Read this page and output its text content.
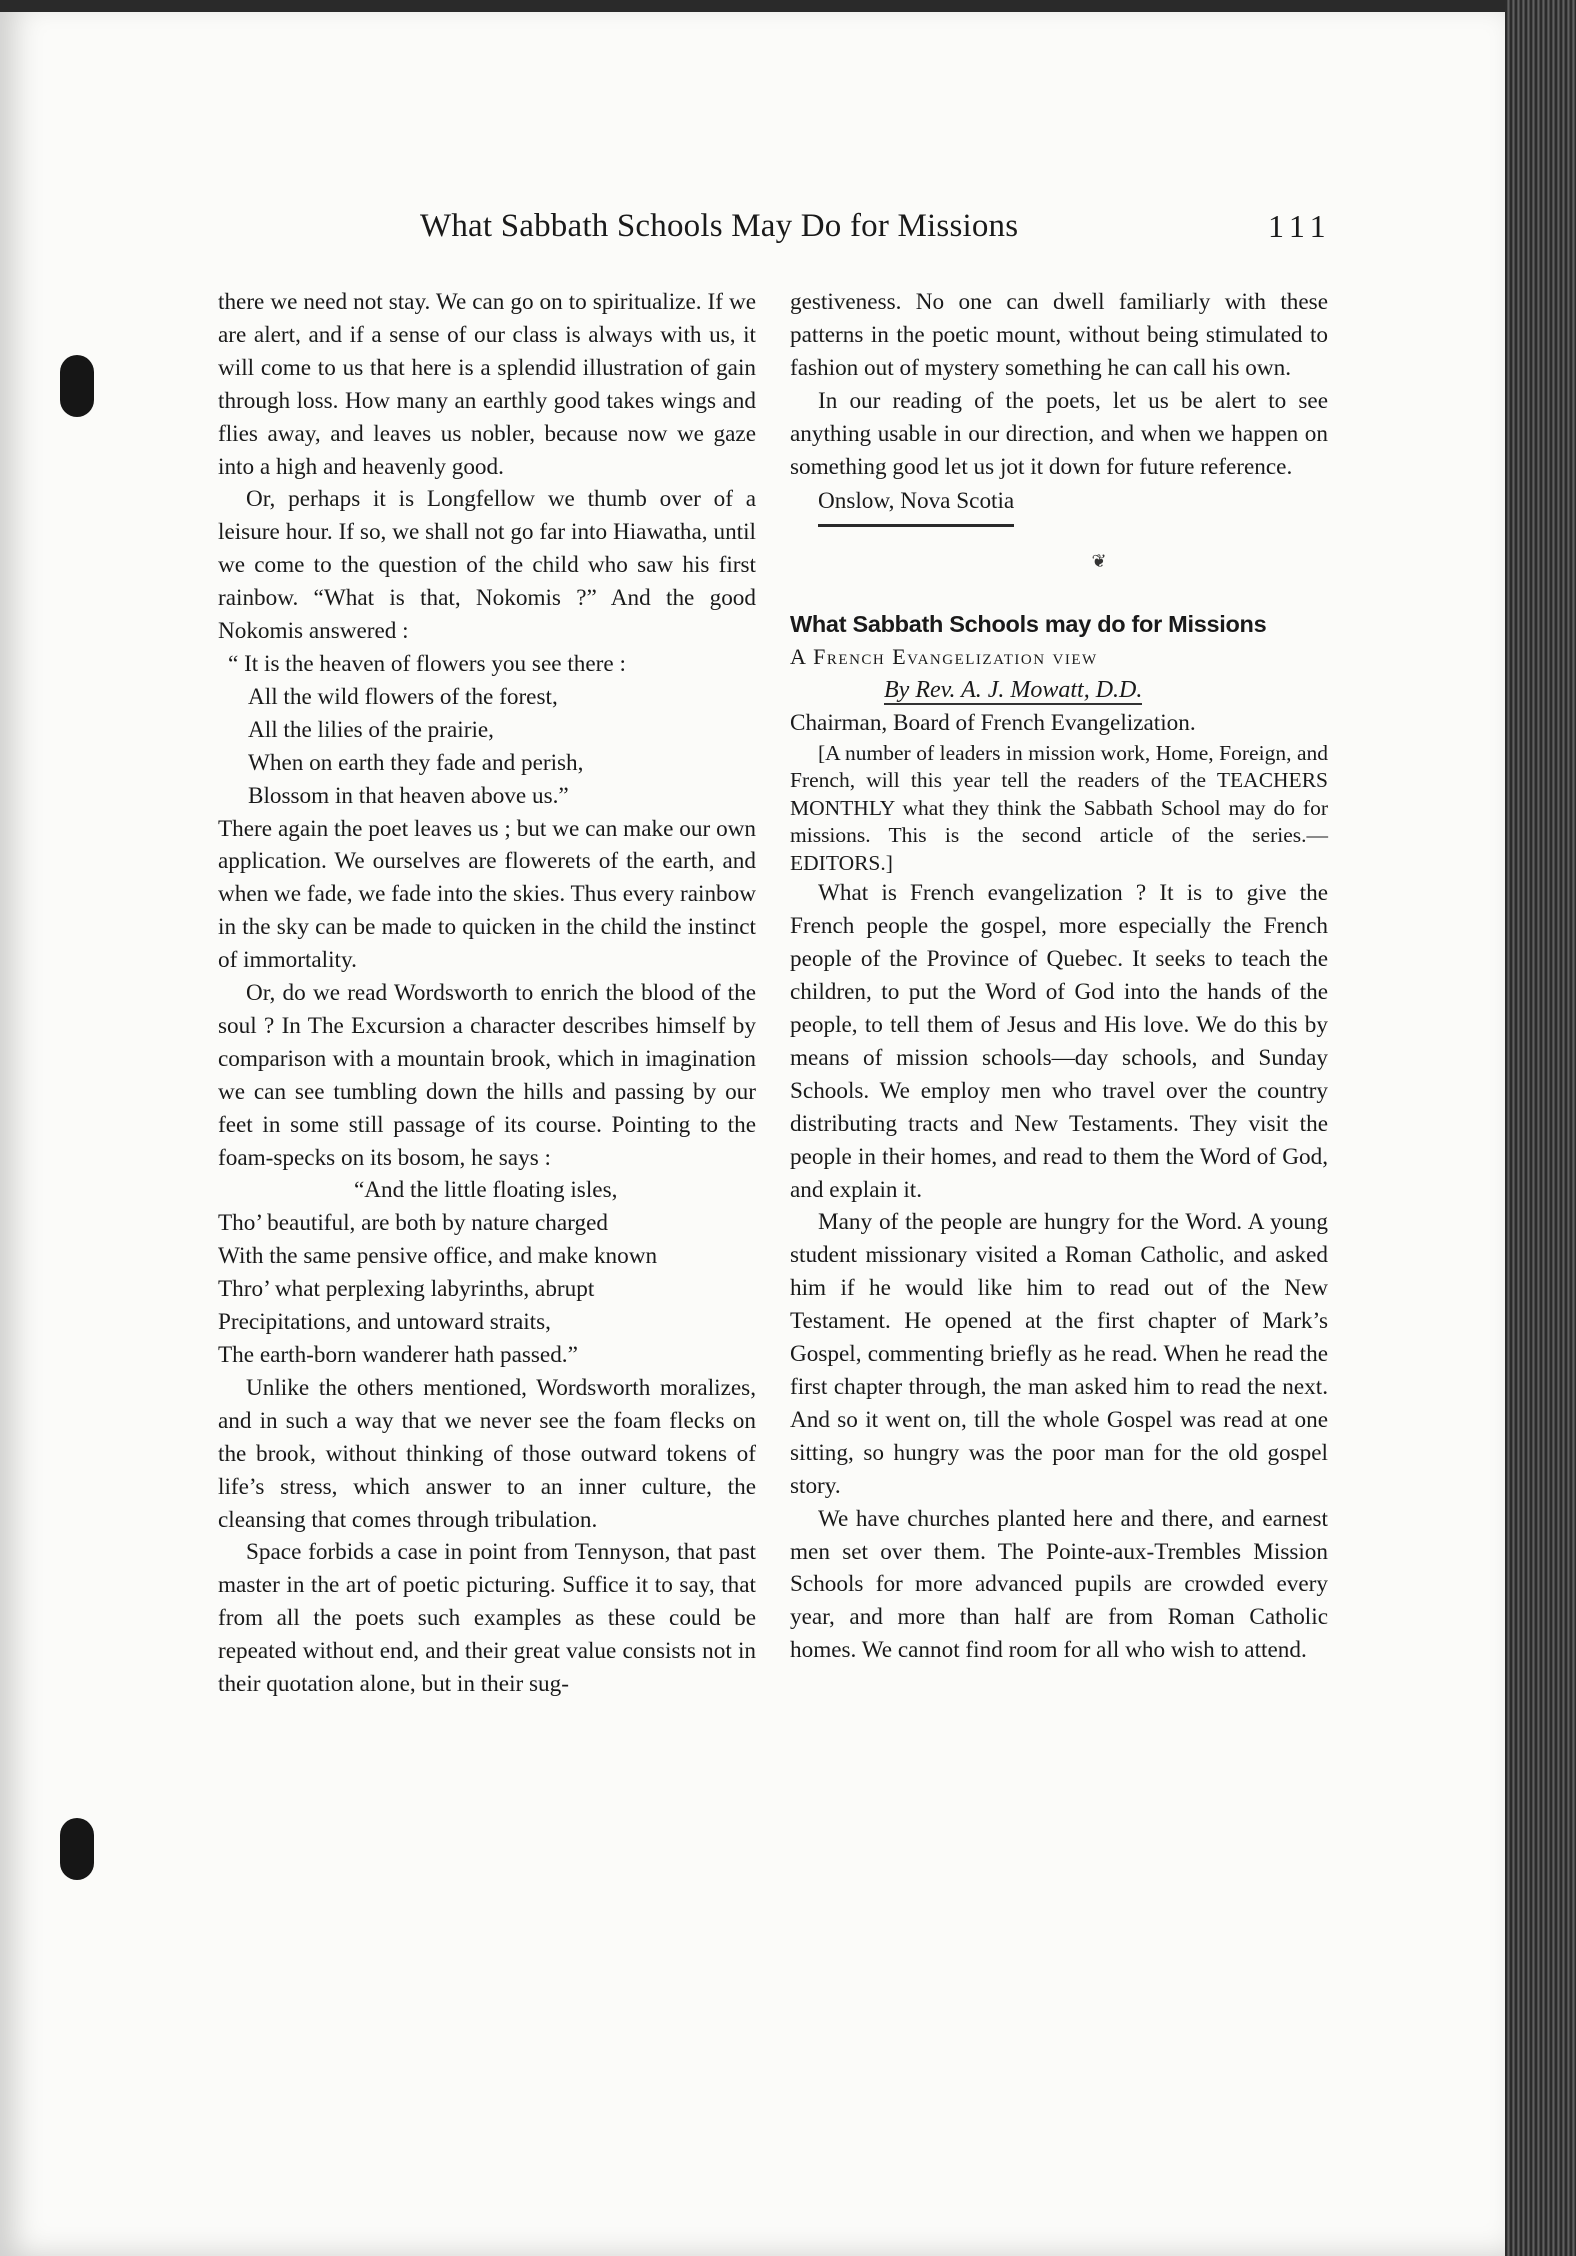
What Sabbath Schools May Do for Missions	111

there we need not stay. We can go on to spiritualize. If we are alert, and if a sense of our class is always with us, it will come to us that here is a splendid illustration of gain through loss. How many an earthly good takes wings and flies away, and leaves us nobler, because now we gaze into a high and heavenly good.

Or, perhaps it is Longfellow we thumb over of a leisure hour. If so, we shall not go far into Hiawatha, until we come to the question of the child who saw his first rainbow. “What is that, Nokomis ?” And the good Nokomis answered :

“ It is the heaven of flowers you see there :

All the wild flowers of the forest,

All the lilies of the prairie,

When on earth they fade and perish,

Blossom in that heaven above us.”

There again the poet leaves us ; but we can make our own application. We ourselves are flowerets of the earth, and when we fade, we fade into the skies. Thus every rainbow in the sky can be made to quicken in the child the instinct of immortality.

Or, do we read Wordsworth to enrich the blood of the soul ? In The Excursion a character describes himself by comparison with a mountain brook, which in imagination we can see tumbling down the hills and passing by our feet in some still passage of its course. Pointing to the foam-specks on its bosom, he says :

“And the little floating isles,

Tho’ beautiful, are both by nature charged

With the same pensive office, and make known

Thro’ what perplexing labyrinths, abrupt

Precipitations, and untoward straits,

The earth-born wanderer hath passed.”

Unlike the others mentioned, Wordsworth moralizes, and in such a way that we never see the foam flecks on the brook, without thinking of those outward tokens of life’s stress, which answer to an inner culture, the cleansing that comes through tribulation.

Space forbids a case in point from Tennyson, that past master in the art of poetic picturing. Suffice it to say, that from all the poets such examples as these could be repeated without end, and their great value consists not in their quotation alone, but in their sug-

gestiveness. No one can dwell familiarly with these patterns in the poetic mount, without being stimulated to fashion out of mystery something he can call his own.

In our reading of the poets, let us be alert to see anything usable in our direction, and when we happen on something good let us jot it down for future reference.

Onslow, Nova Scotia
❦

What Sabbath Schools may do for Missions

A French Evangelization view

By Rev. A. J. Mowatt, D.D.

Chairman, Board of French Evangelization.

[A number of leaders in mission work, Home, Foreign, and French, will this year tell the readers of the TEACHERS MONTHLY what they think the Sabbath School may do for missions. This is the second article of the series.—EDITORS.]

What is French evangelization ? It is to give the French people the gospel, more especially the French people of the Province of Quebec. It seeks to teach the children, to put the Word of God into the hands of the people, to tell them of Jesus and His love. We do this by means of mission schools—day schools, and Sunday Schools. We employ men who travel over the country distributing tracts and New Testaments. They visit the people in their homes, and read to them the Word of God, and explain it.

Many of the people are hungry for the Word. A young student missionary visited a Roman Catholic, and asked him if he would like him to read out of the New Testament. He opened at the first chapter of Mark’s Gospel, commenting briefly as he read. When he read the first chapter through, the man asked him to read the next. And so it went on, till the whole Gospel was read at one sitting, so hungry was the poor man for the old gospel story.

We have churches planted here and there, and earnest men set over them. The Pointe-aux-Trembles Mission Schools for more advanced pupils are crowded every year, and more than half are from Roman Catholic homes. We cannot find room for all who wish to attend.
